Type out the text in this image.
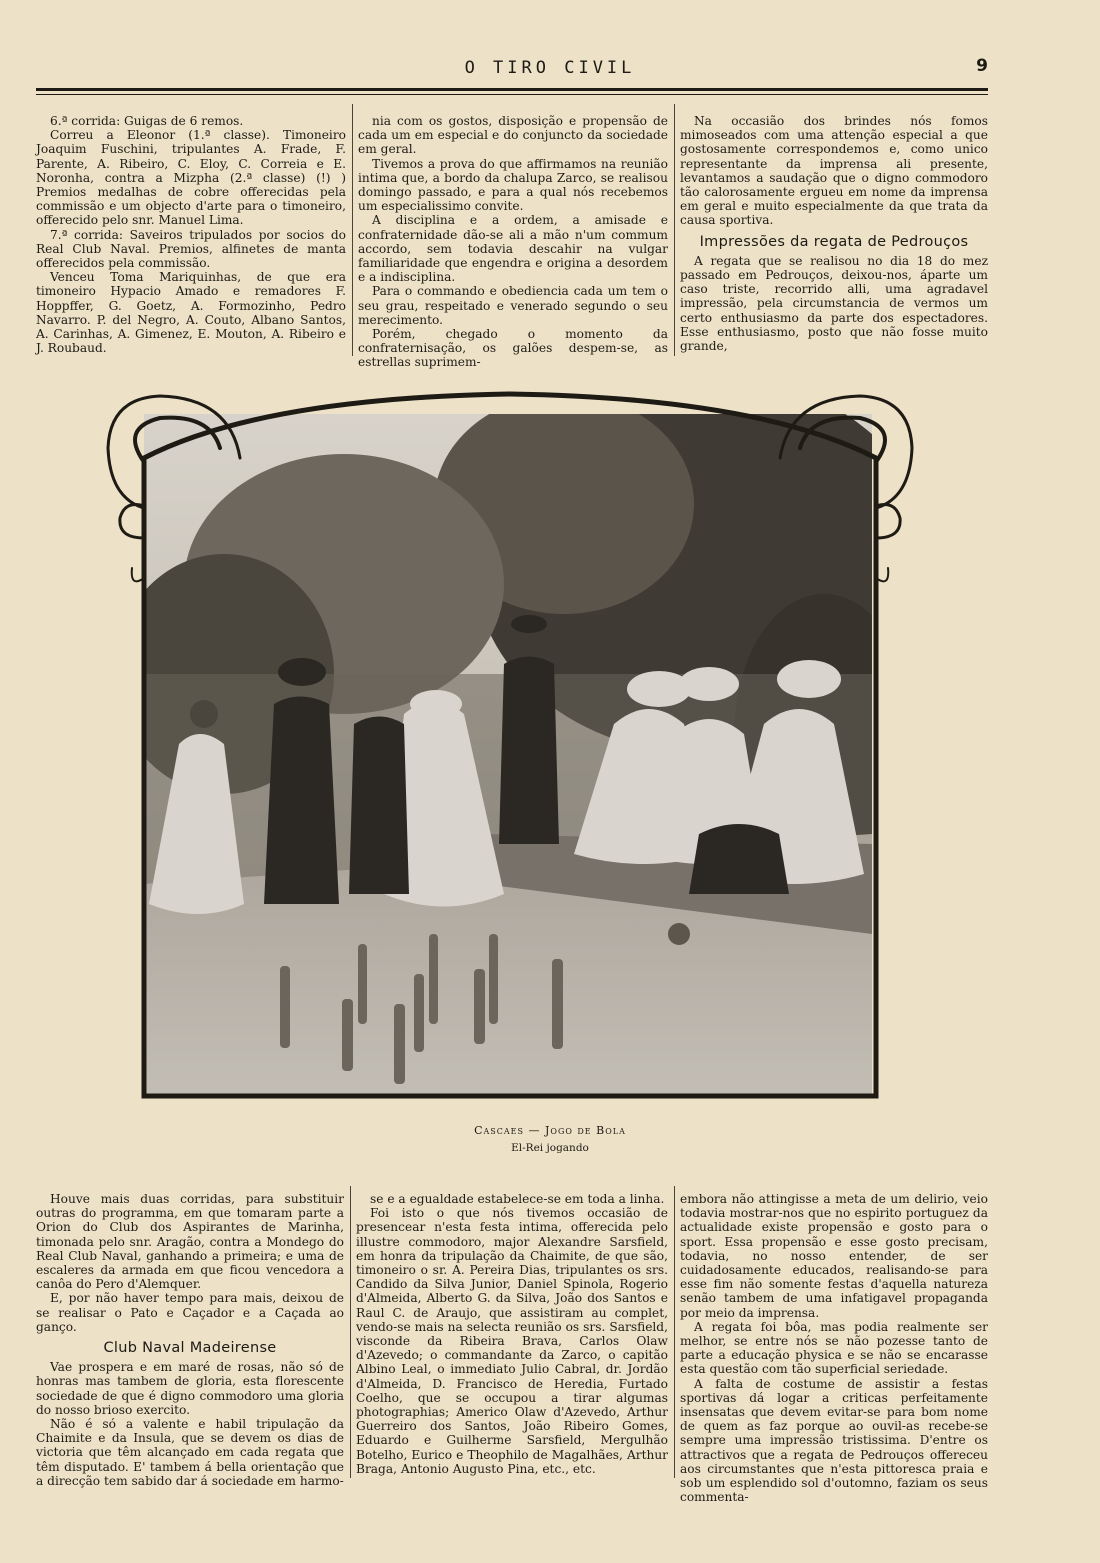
O TIRO CIVIL	9

6.ª corrida: Guigas de 6 remos.

Correu a Eleonor (1.ª classe). Timoneiro Joaquim Fuschini, tripulantes A. Frade, F. Parente, A. Ribeiro, C. Eloy, C. Correia e E. Noronha, contra a Mizpha (2.ª classe) (!) ) Premios medalhas de cobre offerecidas pela commissão e um objecto d'arte para o timoneiro, offerecido pelo snr. Manuel Lima.

7.ª corrida: Saveiros tripulados por socios do Real Club Naval. Premios, alfinetes de manta offerecidos pela commissão.

Venceu Toma Mariquinhas, de que era timoneiro Hypacio Amado e remadores F. Hoppffer, G. Goetz, A. Formozinho, Pedro Navarro. P. del Negro, A. Couto, Albano Santos, A. Carinhas, A. Gimenez, E. Mouton, A. Ribeiro e J. Roubaud.

nia com os gostos, disposição e propensão de cada um em especial e do conjuncto da sociedade em geral.

Tivemos a prova do que affirmamos na reunião intima que, a bordo da chalupa Zarco, se realisou domingo passado, e para a qual nós recebemos um especialissimo convite.

A disciplina e a ordem, a amisade e confraternidade dão-se ali a mão n'um commum accordo, sem todavia descahir na vulgar familiaridade que engendra e origina a desordem e a indisciplina.

Para o commando e obediencia cada um tem o seu grau, respeitado e venerado segundo o seu merecimento.

Porém, chegado o momento da confraternisação, os galões despem-se, as estrellas suprimem-

Na occasião dos brindes nós fomos mimoseados com uma attenção especial a que gostosamente correspondemos e, como unico representante da imprensa ali presente, levantamos a saudação que o digno commodoro tão calorosamente ergueu em nome da imprensa em geral e muito especialmente da que trata da causa sportiva.

Impressões da regata de Pedrouços

A regata que se realisou no dia 18 do mez passado em Pedrouços, deixou-nos, áparte um caso triste, recorrido alli, uma agradavel impressão, pela circumstancia de vermos um certo enthusiasmo da parte dos espectadores. Esse enthusiasmo, posto que não fosse muito grande,

Cascaes — Jogo de Bola
El-Rei jogando

Houve mais duas corridas, para substituir outras do programma, em que tomaram parte a Orion do Club dos Aspirantes de Marinha, timonada pelo snr. Aragão, contra a Mondego do Real Club Naval, ganhando a primeira; e uma de escaleres da armada em que ficou vencedora a canôa do Pero d'Alemquer.

E, por não haver tempo para mais, deixou de se realisar o Pato e Caçador e a Caçada ao ganço.

Club Naval Madeirense

Vae prospera e em maré de rosas, não só de honras mas tambem de gloria, esta florescente sociedade de que é digno commodoro uma gloria do nosso brioso exercito.

Não é só a valente e habil tripulação da Chaimite e da Insula, que se devem os dias de victoria que têm alcançado em cada regata que têm disputado. E' tambem á bella orientação que a direcção tem sabido dar á sociedade em harmo-

se e a egualdade estabelece-se em toda a linha.

Foi isto o que nós tivemos occasião de presencear n'esta festa intima, offerecida pelo illustre commodoro, major Alexandre Sarsfield, em honra da tripulação da Chaimite, de que são, timoneiro o sr. A. Pereira Dias, tripulantes os srs. Candido da Silva Junior, Daniel Spinola, Rogerio d'Almeida, Alberto G. da Silva, João dos Santos e Raul C. de Araujo, que assistiram au complet, vendo-se mais na selecta reunião os srs. Sarsfield, visconde da Ribeira Brava, Carlos Olaw d'Azevedo; o commandante da Zarco, o capitão Albino Leal, o immediato Julio Cabral, dr. Jordão d'Almeida, D. Francisco de Heredia, Furtado Coelho, que se occupou a tirar algumas photographias; Americo Olaw d'Azevedo, Arthur Guerreiro dos Santos, João Ribeiro Gomes, Eduardo e Guilherme Sarsfield, Mergulhão Botelho, Eurico e Theophilo de Magalhães, Arthur Braga, Antonio Augusto Pina, etc., etc.

embora não attingisse a meta de um delirio, veio todavia mostrar-nos que no espirito portuguez da actualidade existe propensão e gosto para o sport. Essa propensão e esse gosto precisam, todavia, no nosso entender, de ser cuidadosamente educados, realisando-se para esse fim não somente festas d'aquella natureza senão tambem de uma infatigavel propaganda por meio da imprensa.

A regata foi bôa, mas podia realmente ser melhor, se entre nós se não pozesse tanto de parte a educação physica e se não se encarasse esta questão com tão superficial seriedade.

A falta de costume de assistir a festas sportivas dá logar a criticas perfeitamente insensatas que devem evitar-se para bom nome de quem as faz porque ao ouvil-as recebe-se sempre uma impressão tristissima. D'entre os attractivos que a regata de Pedrouços offereceu aos circumstantes que n'esta pittoresca praia e sob um esplendido sol d'outomno, faziam os seus commenta-
